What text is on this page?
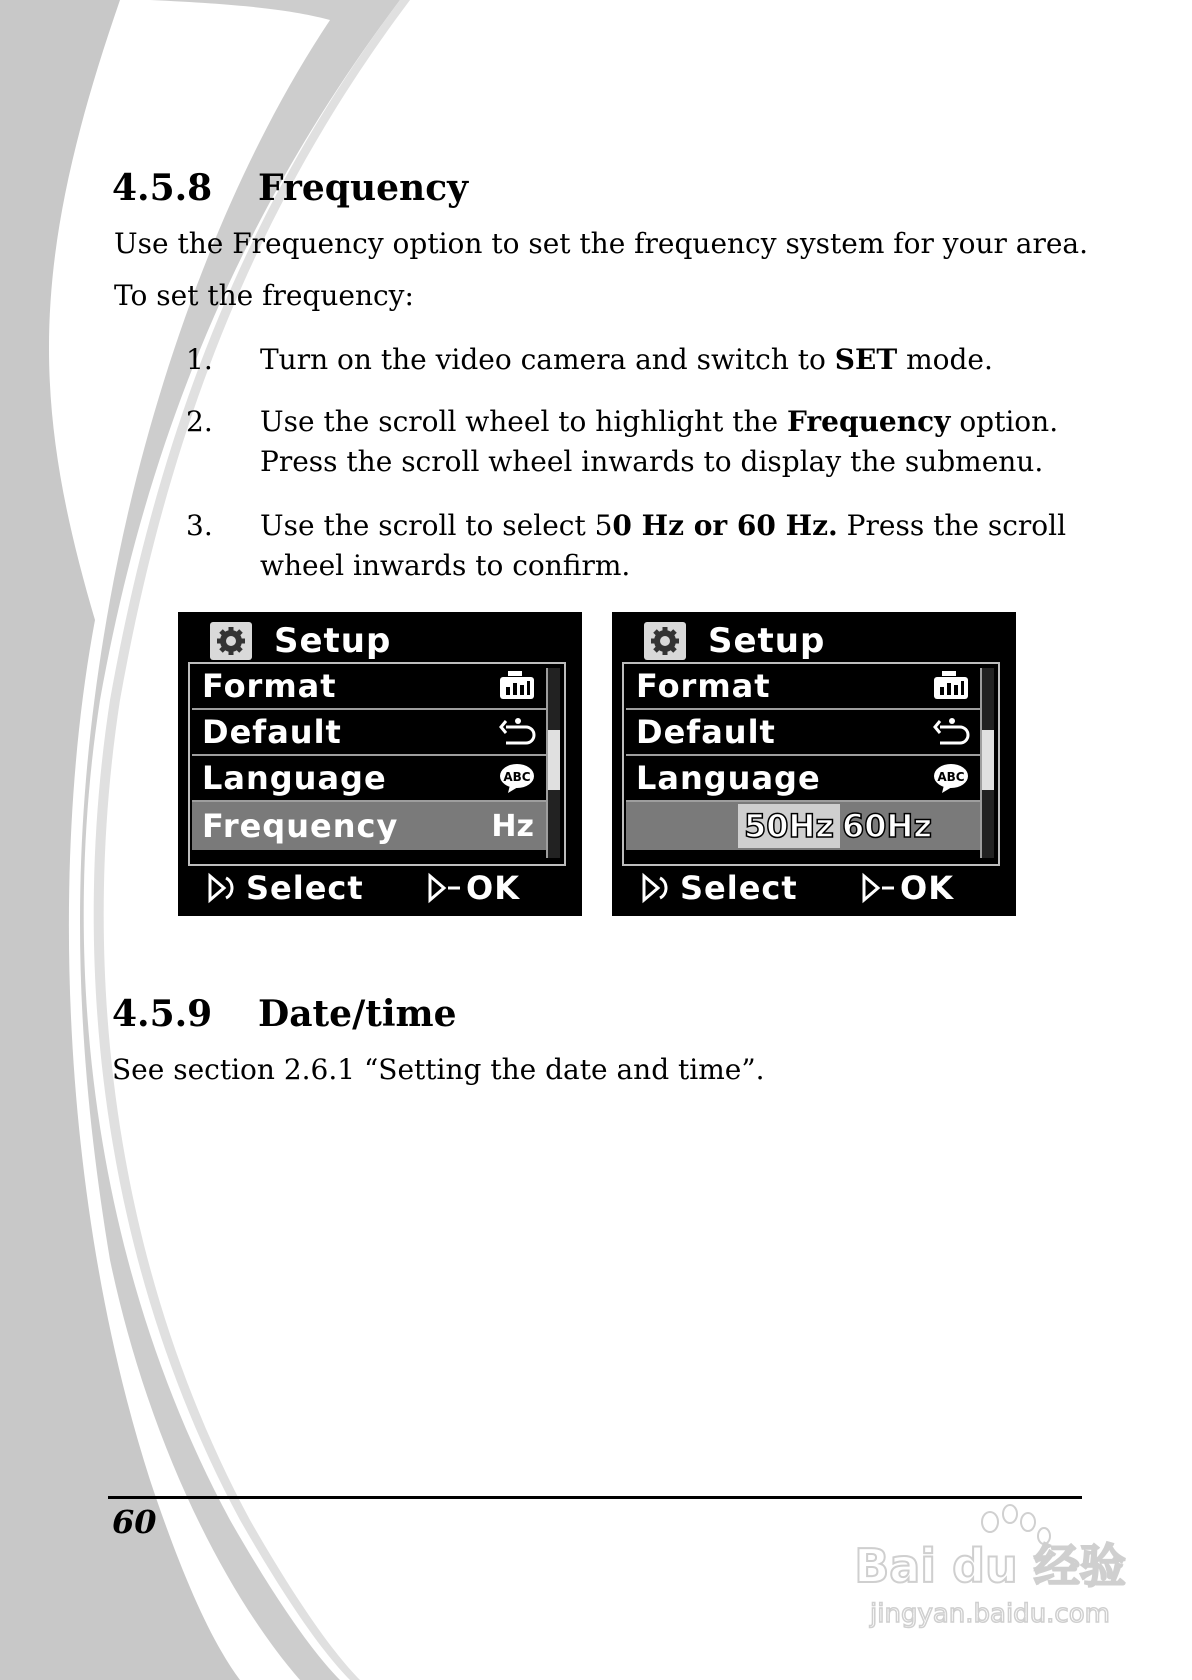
4.5.8 Frequency
Use the Frequency option to set the frequency system for your area.
To set the frequency:
1. Turn on the video camera and switch to SET mode.
2. Use the scroll wheel to highlight the Frequency option.
Press the scroll wheel inwards to display the submenu.
3. Use the scroll to select 50 Hz or 60 Hz. Press the scroll
wheel inwards to confirm.
Setup
Format
Default
Language	ABC
Frequency	Hz
Select	OK
Setup
Format
Default
Language	ABC
50Hz 60Hz
Select	OK
4.5.9 Date/time
See section 2.6.1 “Setting the date and time”.
60
Bai du 经验
jingyan.baidu.com
